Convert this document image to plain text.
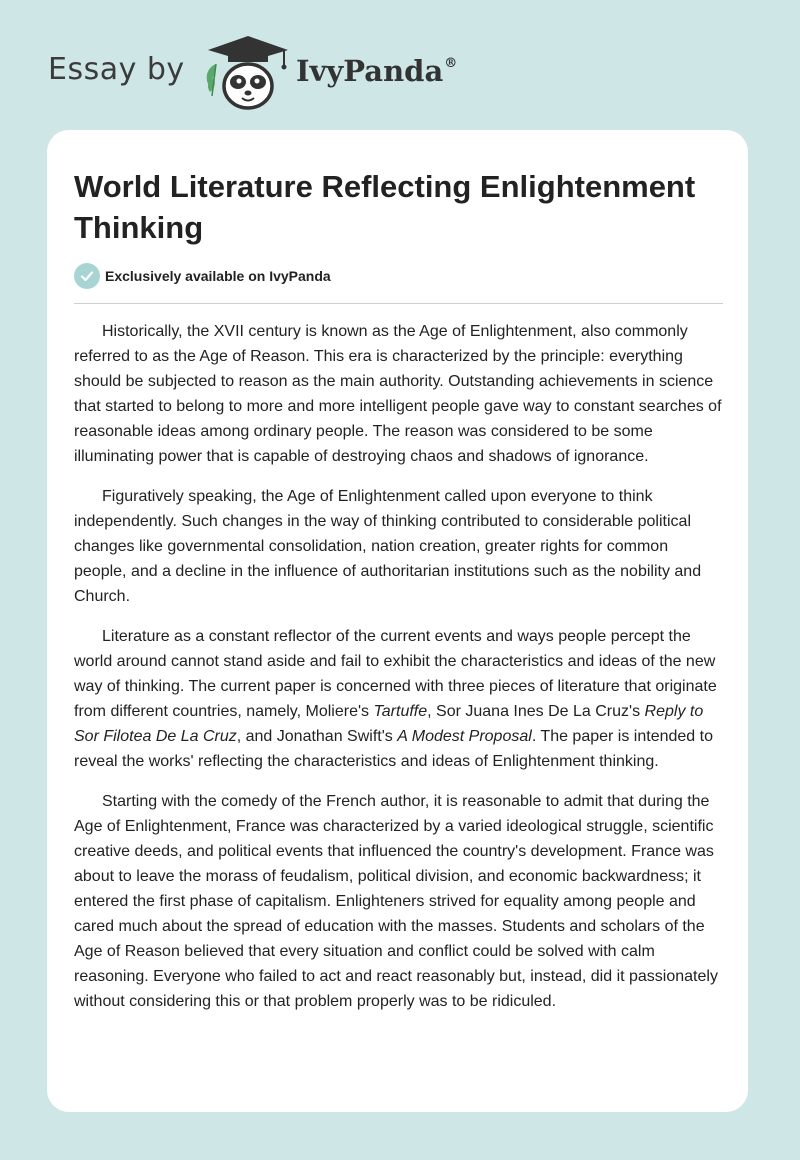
Essay by	IvyPanda®
World Literature Reflecting Enlightenment Thinking
Exclusively available on IvyPanda

Historically, the XVII century is known as the Age of Enlightenment, also commonly referred to as the Age of Reason. This era is characterized by the principle: everything should be subjected to reason as the main authority. Outstanding achievements in science that started to belong to more and more intelligent people gave way to constant searches of reasonable ideas among ordinary people. The reason was considered to be some illuminating power that is capable of destroying chaos and shadows of ignorance.

Figuratively speaking, the Age of Enlightenment called upon everyone to think independently. Such changes in the way of thinking contributed to considerable political changes like governmental consolidation, nation creation, greater rights for common people, and a decline in the influence of authoritarian institutions such as the nobility and Church.

Literature as a constant reflector of the current events and ways people percept the world around cannot stand aside and fail to exhibit the characteristics and ideas of the new way of thinking. The current paper is concerned with three pieces of literature that originate from different countries, namely, Moliere's Tartuffe, Sor Juana Ines De La Cruz's Reply to Sor Filotea De La Cruz, and Jonathan Swift's A Modest Proposal. The paper is intended to reveal the works' reflecting the characteristics and ideas of Enlightenment thinking.

Starting with the comedy of the French author, it is reasonable to admit that during the Age of Enlightenment, France was characterized by a varied ideological struggle, scientific creative deeds, and political events that influenced the country's development. France was about to leave the morass of feudalism, political division, and economic backwardness; it entered the first phase of capitalism. Enlighteners strived for equality among people and cared much about the spread of education with the masses. Students and scholars of the Age of Reason believed that every situation and conflict could be solved with calm reasoning. Everyone who failed to act and react reasonably but, instead, did it passionately without considering this or that problem properly was to be ridiculed.
